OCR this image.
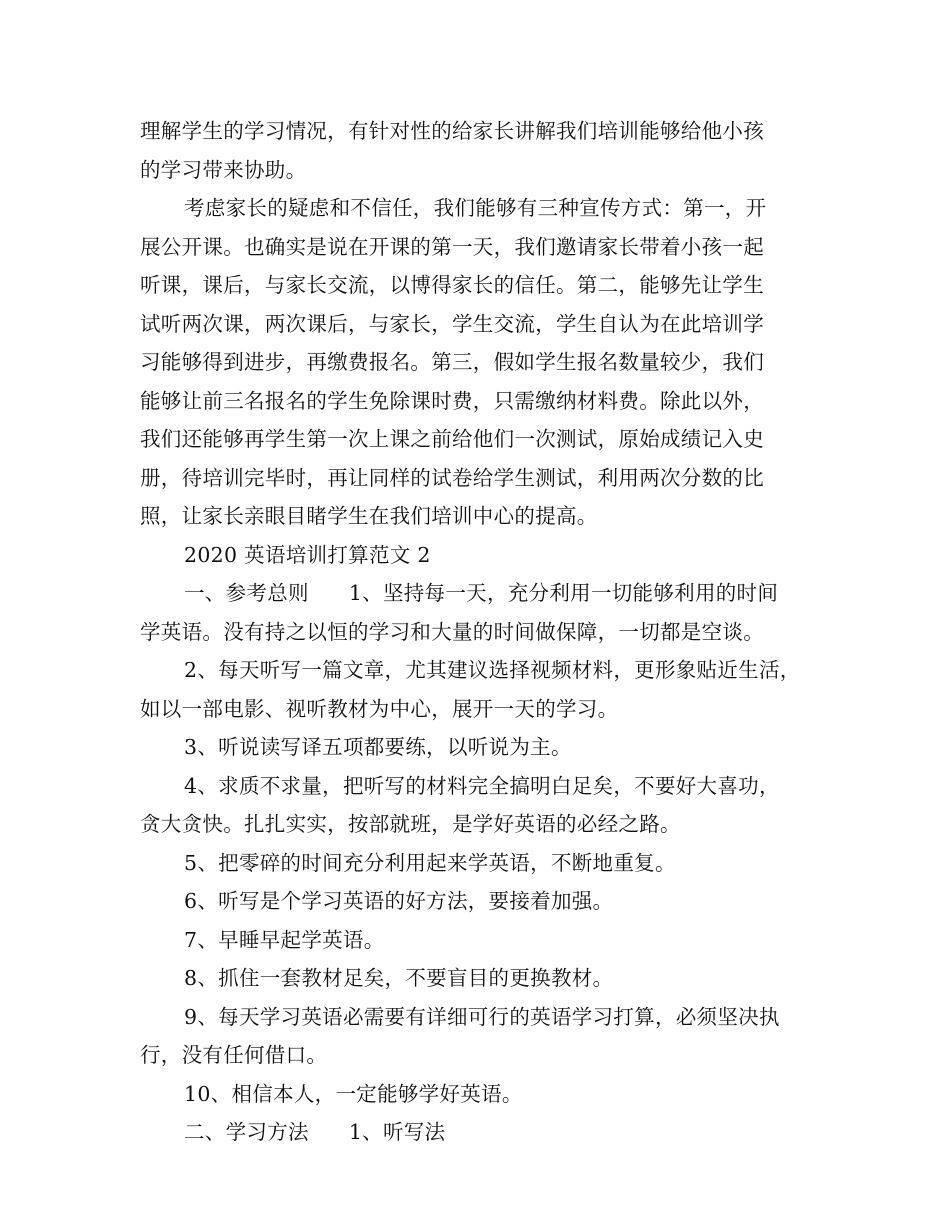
理解学生的学习情况，有针对性的给家长讲解我们培训能够给他小孩
的学习带来协助。
考虑家长的疑虑和不信任，我们能够有三种宣传方式：第一，开
展公开课。也确实是说在开课的第一天，我们邀请家长带着小孩一起
听课，课后，与家长交流，以博得家长的信任。第二，能够先让学生
试听两次课，两次课后，与家长，学生交流，学生自认为在此培训学
习能够得到进步，再缴费报名。第三，假如学生报名数量较少，我们
能够让前三名报名的学生免除课时费，只需缴纳材料费。除此以外，
我们还能够再学生第一次上课之前给他们一次测试，原始成绩记入史
册，待培训完毕时，再让同样的试卷给学生测试，利用两次分数的比
照，让家长亲眼目睹学生在我们培训中心的提高。
2020 英语培训打算范文 2
一、参考总则 1、坚持每一天，充分利用一切能够利用的时间
学英语。没有持之以恒的学习和大量的时间做保障，一切都是空谈。
2、每天听写一篇文章，尤其建议选择视频材料，更形象贴近生活，
如以一部电影、视听教材为中心，展开一天的学习。
3、听说读写译五项都要练，以听说为主。
4、求质不求量，把听写的材料完全搞明白足矣，不要好大喜功，
贪大贪快。扎扎实实，按部就班，是学好英语的必经之路。
5、把零碎的时间充分利用起来学英语，不断地重复。
6、听写是个学习英语的好方法，要接着加强。
7、早睡早起学英语。
8、抓住一套教材足矣，不要盲目的更换教材。
9、每天学习英语必需要有详细可行的英语学习打算，必须坚决执
行，没有任何借口。
10、相信本人，一定能够学好英语。
二、学习方法 1、听写法
